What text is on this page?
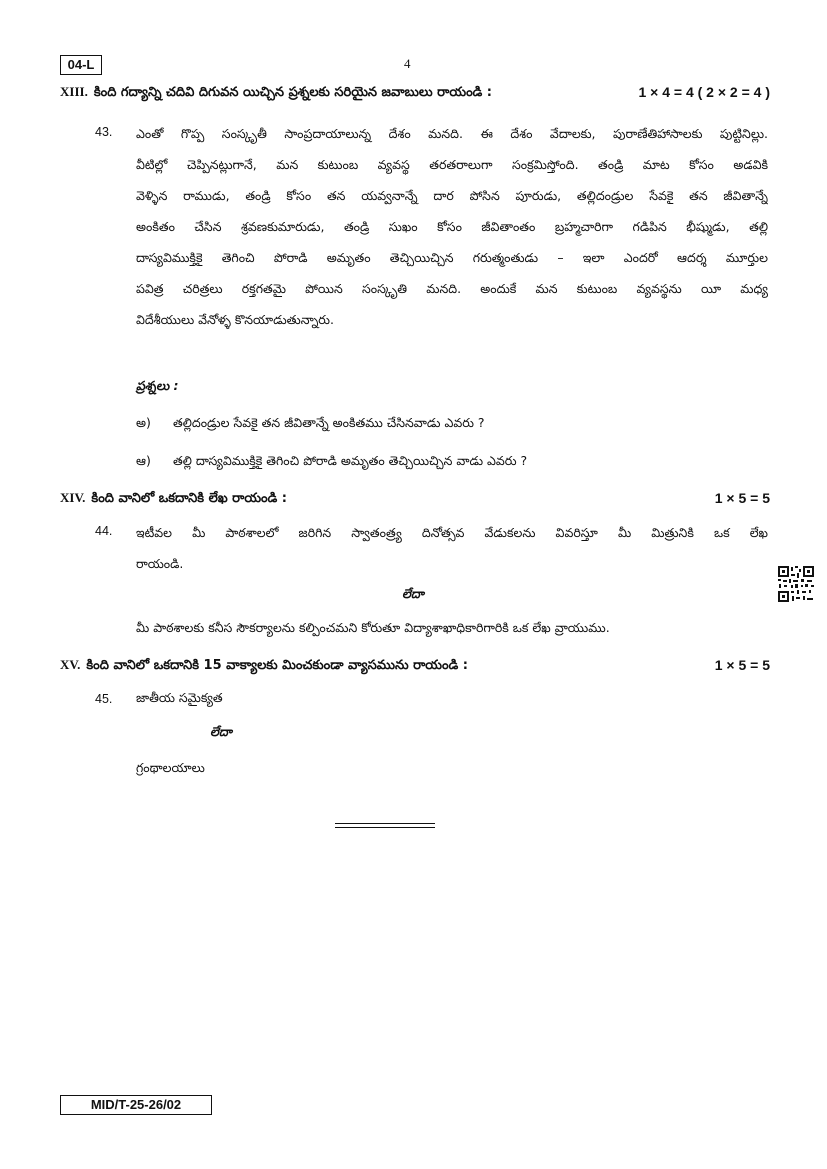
04-L	4
XIII. కింది గద్యాన్ని చదివి దిగువన యిచ్చిన ప్రశ్నలకు సరియైన జవాబులు రాయండి :	1 × 4 = 4 ( 2 × 2 = 4 )
43. ఎంతో గొప్ప సంస్కృతీ సాంప్రదాయాలున్న దేశం మనది. ఈ దేశం వేదాలకు, పురాణేతిహాసాలకు పుట్టినిల్లు.
వీటిల్లో చెప్పినట్లుగానే, మన కుటుంబ వ్యవస్థ తరతరాలుగా సంక్రమిస్తోంది. తండ్రి మాట కోసం అడవికి
వెళ్ళిన రాముడు, తండ్రి కోసం తన యవ్వనాన్నే దార పోసిన పూరుడు, తల్లిదండ్రుల సేవకై తన జీవితాన్నే
అంకితం చేసిన శ్రవణకుమారుడు, తండ్రి సుఖం కోసం జీవితాంతం బ్రహ్మచారిగా గడిపిన భీష్ముడు, తల్లి
దాస్యవిముక్తికై తెగించి పోరాడి అమృతం తెచ్చియిచ్చిన గరుత్మంతుడు – ఇలా ఎందరో ఆదర్శ మూర్తుల
పవిత్ర చరిత్రలు రక్తగతమై పోయిన సంస్కృతి మనది. అందుకే మన కుటుంబ వ్యవస్థను యీ మధ్య
విదేశీయులు వేనోళ్ళ కొనయాడుతున్నారు.
ప్రశ్నలు :
అ) తల్లిదండ్రుల సేవకై తన జీవితాన్నే అంకితము చేసినవాడు ఎవరు ?
ఆ) తల్లి దాస్యవిముక్తికై తెగించి పోరాడి అమృతం తెచ్చియిచ్చిన వాడు ఎవరు ?
XIV. కింది వానిలో ఒకదానికి లేఖ రాయండి :	1 × 5 = 5
44. ఇటీవల మీ పాఠశాలలో జరిగిన స్వాతంత్ర్య దినోత్సవ వేడుకలను వివరిస్తూ మీ మిత్రునికి ఒక లేఖ
రాయండి.
లేదా
మీ పాఠశాలకు కనీస సౌకర్యాలను కల్పించమని కోరుతూ విద్యాశాఖాధికారిగారికి ఒక లేఖ వ్రాయుము.
XV. కింది వానిలో ఒకదానికి 15 వాక్యాలకు మించకుండా వ్యాసమును రాయండి :	1 × 5 = 5
45. జాతీయ సమైక్యత
లేదా
గ్రంథాలయాలు
MID/T-25-26/02
